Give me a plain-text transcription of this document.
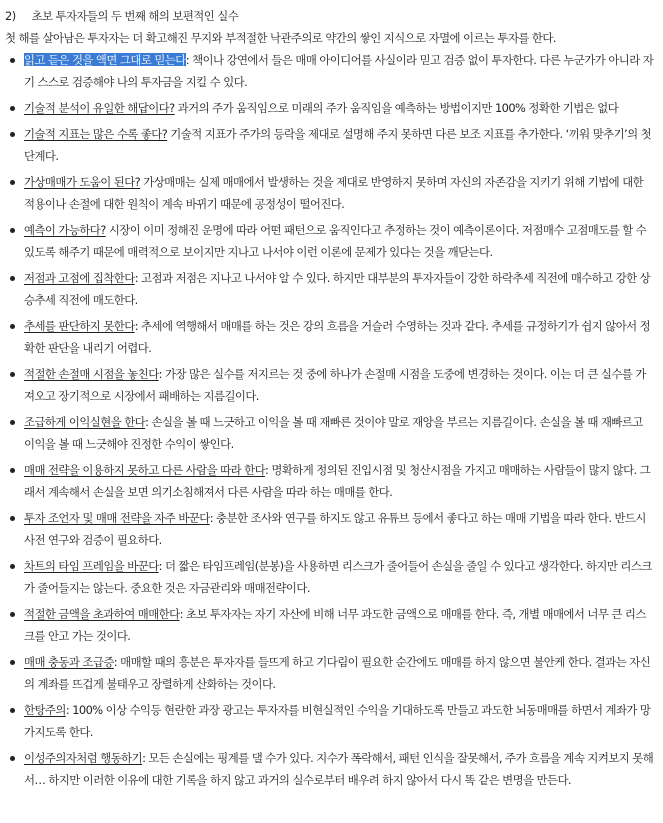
2) 초보 투자자들의 두 번째 해의 보편적인 실수

첫 해를 살아남은 투자자는 더 확고해진 무지와 부적절한 낙관주의로 약간의 쌓인 지식으로 자멸에 이르는 투자를 한다.

읽고 듣은 것을 액면 그대로 믿는다: 책이나 강연에서 들은 매매 아이디어를 사실이라 믿고 검증 없이 투자한다. 다른 누군가가 아니라 자기 스스로 검증해야 나의 투자금을 지킬 수 있다.
기술적 분석이 유일한 해답이다? 과거의 주가 움직임으로 미래의 주가 움직임을 예측하는 방법이지만 100% 정확한 기법은 없다
기술적 지표는 많은 수록 좋다? 기술적 지표가 주가의 등락을 제대로 설명해 주지 못하면 다른 보조 지표를 추가한다. ‘끼워 맞추기’의 첫 단계다.
가상매매가 도움이 된다? 가상매매는 실제 매매에서 발생하는 것을 제대로 반영하지 못하며 자신의 자존감을 지키기 위해 기법에 대한 적용이나 손절에 대한 원칙이 계속 바뀌기 때문에 공정성이 떨어진다.
예측이 가능하다? 시장이 이미 정해진 운명에 따라 어떤 패턴으로 움직인다고 추정하는 것이 예측이론이다. 저점매수 고점매도를 할 수 있도록 해주기 때문에 매력적으로 보이지만 지나고 나서야 이런 이론에 문제가 있다는 것을 깨닫는다.
저점과 고점에 집착한다: 고점과 저점은 지나고 나서야 알 수 있다. 하지만 대부분의 투자자들이 강한 하락추세 직전에 매수하고 강한 상승추세 직전에 매도한다.
추세를 판단하지 못한다: 추세에 역행해서 매매를 하는 것은 강의 흐름을 거슬러 수영하는 것과 같다. 추세를 규정하기가 쉽지 않아서 정확한 판단을 내리기 어렵다.
적절한 손절매 시점을 놓친다: 가장 많은 실수를 저지르는 것 중에 하나가 손절매 시점을 도중에 변경하는 것이다. 이는 더 큰 실수를 가져오고 장기적으로 시장에서 패배하는 지름길이다.
조급하게 이익실현을 한다: 손실을 볼 때 느긋하고 이익을 볼 때 재빠른 것이야 말로 재앙을 부르는 지름길이다. 손실을 볼 때 재빠르고 이익을 볼 때 느긋해야 진정한 수익이 쌓인다.
매매 전략을 이용하지 못하고 다른 사람을 따라 한다: 명확하게 정의된 진입시점 및 청산시점을 가지고 매매하는 사람들이 많지 않다. 그래서 계속해서 손실을 보면 의기소침해져서 다른 사람을 따라 하는 매매를 한다.
투자 조언자 및 매매 전략을 자주 바꾼다: 충분한 조사와 연구를 하지도 않고 유튜브 등에서 좋다고 하는 매매 기법을 따라 한다. 반드시 사전 연구와 검증이 필요하다.
차트의 타임 프레임을 바꾼다: 더 짧은 타임프레임(분봉)을 사용하면 리스크가 줄어들어 손실을 줄일 수 있다고 생각한다. 하지만 리스크가 줄어들지는 않는다. 중요한 것은 자금관리와 매매전략이다.
적절한 금액을 초과하여 매매한다: 초보 투자자는 자기 자산에 비해 너무 과도한 금액으로 매매를 한다. 즉, 개별 매매에서 너무 큰 리스크를 안고 가는 것이다.
매매 충동과 조급증: 매매할 때의 흥분은 투자자를 들뜨게 하고 기다림이 필요한 순간에도 매매를 하지 않으면 불안케 한다. 결과는 자신의 계좌를 뜨겁게 불태우고 장렬하게 산화하는 것이다.
한탕주의: 100% 이상 수익등 현란한 과장 광고는 투자자를 비현실적인 수익을 기대하도록 만들고 과도한 뇌동매매를 하면서 계좌가 망가지도록 한다.
이성주의자처럼 행동하기: 모든 손실에는 핑계를 댈 수가 있다. 지수가 폭락해서, 패턴 인식을 잘못해서, 주가 흐름을 계속 지켜보지 못해서… 하지만 이러한 이유에 대한 기록을 하지 않고 과거의 실수로부터 배우려 하지 않아서 다시 똑 같은 변명을 만든다.
